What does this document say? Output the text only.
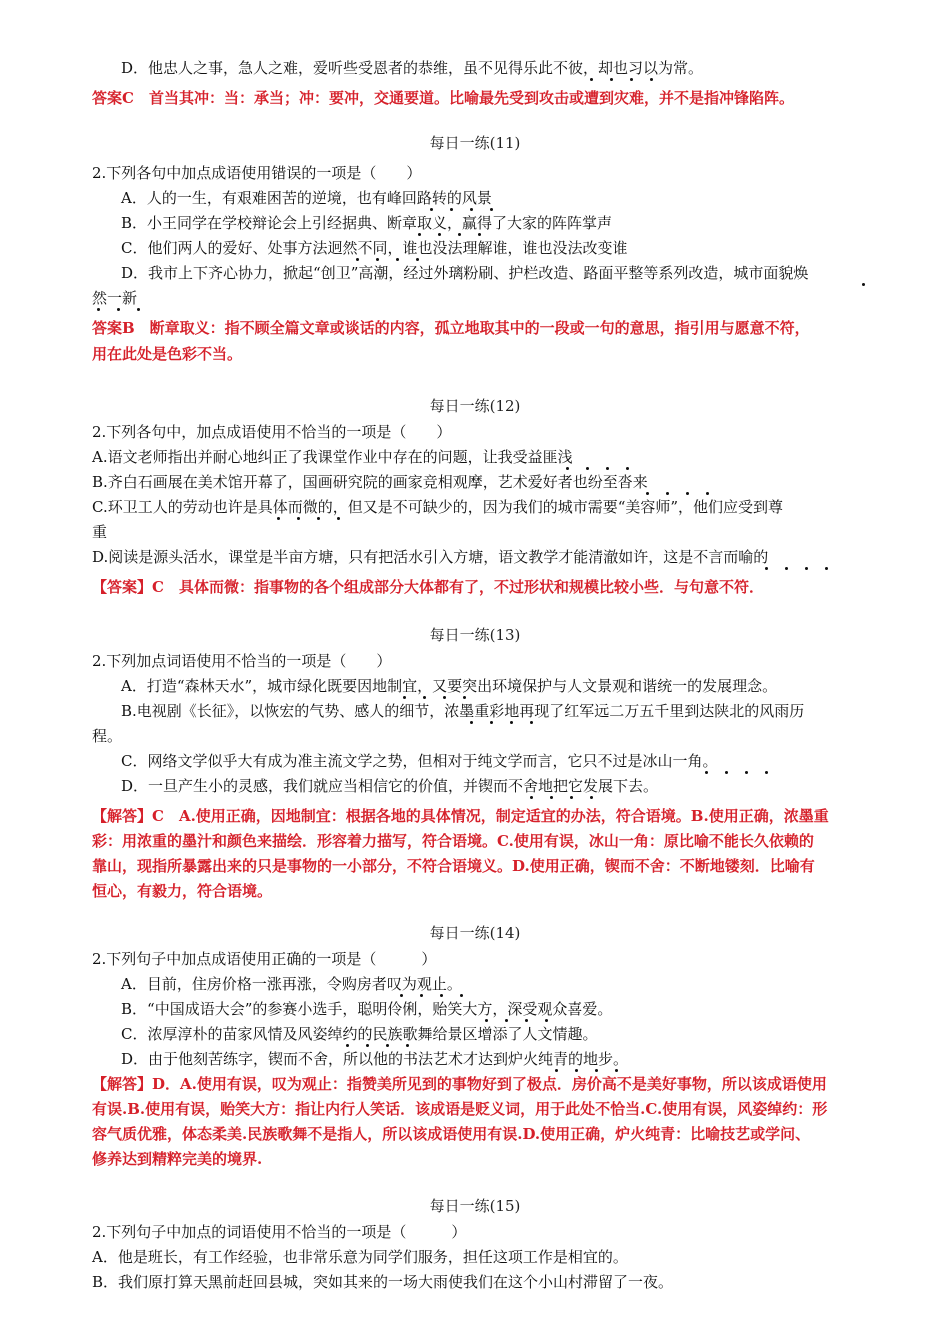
D．他忠人之事，急人之难，爱听些受恩者的恭维，虽不见得乐此不彼，却也习以为常。
答案C　首当其冲：当：承当；冲：要冲，交通要道。比喻最先受到攻击或遭到灾难，并不是指冲锋陷阵。
每日一练(11)
2.下列各句中加点成语使用错误的一项是（　　）
A．人的一生，有艰难困苦的逆境，也有峰回路转的风景
B．小王同学在学校辩论会上引经据典、断章取义，赢得了大家的阵阵掌声
C．他们两人的爱好、处事方法迥然不同，谁也没法理解谁，谁也没法改变谁
D．我市上下齐心协力，掀起“创卫”高潮，经过外璃粉刷、护栏改造、路面平整等系列改造，城市面貌焕
然一新
答案B　断章取义：指不顾全篇文章或谈话的内容，孤立地取其中的一段或一句的意思，指引用与愿意不符，
用在此处是色彩不当。
每日一练(12)
2.下列各句中，加点成语使用不恰当的一项是（　　）
A.语文老师指出并耐心地纠正了我课堂作业中存在的问题，让我受益匪浅
B.齐白石画展在美术馆开幕了，国画研究院的画家竞相观摩，艺术爱好者也纷至沓来
C.环卫工人的劳动也许是具体而微的，但又是不可缺少的，因为我们的城市需要“美容师”，他们应受到尊
重
D.阅读是源头活水，课堂是半亩方塘，只有把活水引入方塘，语文教学才能清澈如许，这是不言而喻的
【答案】C　具体而微：指事物的各个组成部分大体都有了，不过形状和规模比较小些．与句意不符．
每日一练(13)
2.下列加点词语使用不恰当的一项是（　　）
A．打造“森林天水”，城市绿化既要因地制宜，又要突出环境保护与人文景观和谐统一的发展理念。
B.电视剧《长征》，以恢宏的气势、感人的细节，浓墨重彩地再现了红军远二万五千里到达陕北的风雨历
程。
C．网络文学似乎大有成为准主流文学之势，但相对于纯文学而言，它只不过是冰山一角。
D．一旦产生小的灵感，我们就应当相信它的价值，并锲而不舍地把它发展下去。
【解答】C　A.使用正确，因地制宜：根据各地的具体情况，制定适宜的办法，符合语境。B.使用正确，浓墨重
彩：用浓重的墨汁和颜色来描绘．形容着力描写，符合语境。C.使用有误，冰山一角：原比喻不能长久依赖的
靠山，现指所暴露出来的只是事物的一小部分，不符合语境义。D.使用正确，锲而不舍：不断地镂刻．比喻有
恒心，有毅力，符合语境。
每日一练(14)
2.下列句子中加点成语使用正确的一项是（　　　）
A．目前，住房价格一涨再涨，令购房者叹为观止。
B．“中国成语大会”的参赛小选手，聪明伶俐，贻笑大方，深受观众喜爱。
C．浓厚淳朴的苗家风情及风姿绰约的民族歌舞给景区增添了人文情趣。
D．由于他刻苦练字，锲而不舍，所以他的书法艺术才达到炉火纯青的地步。
【解答】D．A.使用有误，叹为观止：指赞美所见到的事物好到了极点．房价高不是美好事物，所以该成语使用
有误.B.使用有误，贻笑大方：指让内行人笑话．该成语是贬义词，用于此处不恰当.C.使用有误，风姿绰约：形
容气质优雅，体态柔美.民族歌舞不是指人，所以该成语使用有误.D.使用正确，炉火纯青：比喻技艺或学问、
修养达到精粹完美的境界.
每日一练(15)
2.下列句子中加点的词语使用不恰当的一项是（　　　）
A．他是班长，有工作经验，也非常乐意为同学们服务，担任这项工作是相宜的。
B．我们原打算天黑前赶回县城，突如其来的一场大雨使我们在这个小山村滞留了一夜。
